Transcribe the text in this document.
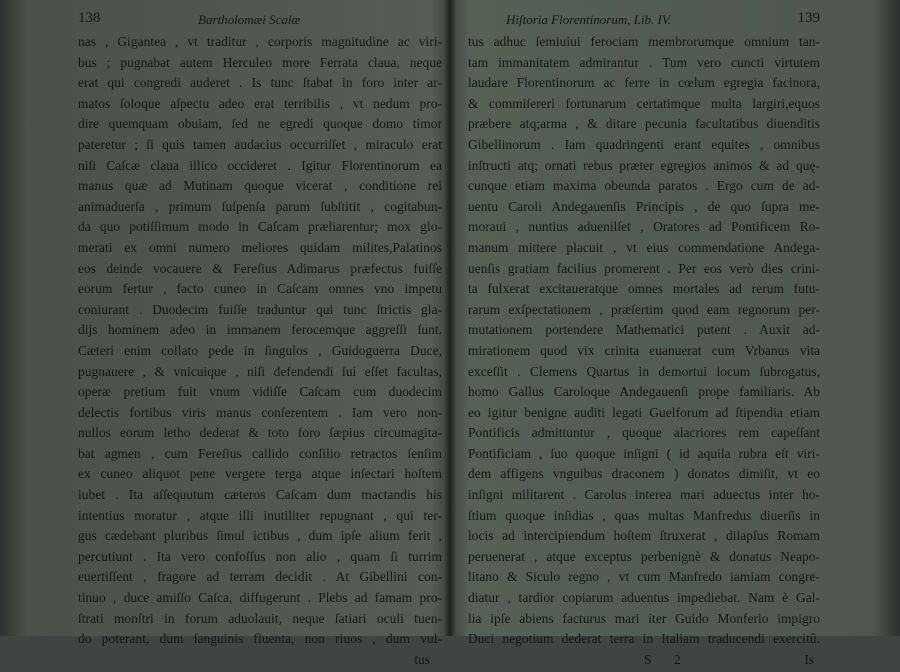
138	Bartholomæi Scalæ
nas , Gigantea , vt traditur , corporis magnitudine ac viri-
bus ; pugnabat autem Herculeo more Ferrata claua, neque
erat qui congredi auderet . Is tunc ſtabat in foro inter ar-
matos ſoloque aſpectu adeo erat terribilis , vt nedum pro-
dire quemquam obuiam, ſed ne egredi quoque domo timor
pateretur ; ſi quis tamen audacius occurriſſet , miraculo erat
niſi Caſcæ claua illico occideret . Igitur Florentinorum ea
manus quæ ad Mutinam quoque vicerat , conditione rei
animaduerſa , primum ſuſpenſa parum ſubſtitit , cogitabun-
da quo potiſſimum modo in Caſcam præliarentur; mox glo-
merati ex omni numero meliores quidam milites,Palatinos
eos deinde vocauere & Fereſius Adimarus præfectus fuiſſe
eorum fertur , facto cuneo in Caſcam omnes vno impetu
coniurant . Duodecim fuiſſe traduntur qui tunc ſtrictis gla-
dijs hominem adeo in immanem ferocemque aggreſſi ſunt.
Cæteri enim collato pede in ſingulos , Guidoguerra Duce,
pugnauere , & vnicuique , niſi defendendi ſui eſſet facultas,
operæ pretium fuit vnum vidiſſe Caſcam cum duodecim
delectis fortibus viris manus conſerentem . Iam vero non-
nullos eorum letho dederat & toto foro ſæpius circumagita-
bat agmen , cum Fereſius callido conſilio retractos ſenſim
ex cuneo aliquot pene vergere terga atque inſectari hoſtem
iubet . Ita aſſequutum cæteros Caſcam dum mactandis his
intentius moratur , atque illi inutiliter repugnant , qui ter-
gus cædebant pluribus ſimul ictibus , dum ipſe alium ferit ,
percutiunt . Ita vero confoſſus non alio , quam ſi turrim
euertiſſent , fragore ad terram decidit . At Gibellini con-
tinuo , duce amiſſo Caſca, diffugerunt . Plebs ad famam pro-
ſtrati monſtri in forum aduolauit, neque ſatiari oculi tuen-
do poterant, dum ſanguinis fluenta, non riuos , dum vul-
tus
Hiſtoria Florentinorum, Lib. IV.	139
tus adhuc ſemiuiui ferociam membrorumque omnium tan-
tam immanitatem admirantur . Tum vero cuncti virtutem
laudare Florentinorum ac ferre in cœlum egregia facinora,
& commiſereri fortunarum certatimque multa largiri,equos
præbere atq;arma , & ditare pecunia facultatibus diuenditis
Gibellinorum . Iam quadringenti erant equites , omnibus
inſtructi atq; ornati rebus præter egregios animos & ad quę-
cunque etiam maxima obeunda paratos . Ergo cum de ad-
uentu Caroli Andegauenſis Principis , de quo ſupra me-
moraui , nuntius aduenilſet , Oratores ad Pontificem Ro-
manum mittere placuit , vt eius commendatione Andega-
uenſis gratiam facilius promerent . Per eos verò dies crini-
ta fulxerat excitaueratque omnes mortales ad rerum futu-
rarum exſpectationem , præſertim quod eam regnorum per-
mutationem portendere Mathematici putent . Auxit ad-
mirationem quod vix crinita euanuerat cum Vrbanus vita
exceſſit . Clemens Quartus in demortui locum ſubrogatus,
homo Gallus Caroloque Andegauenſi prope familiaris. Ab
eo igitur benigne auditi legati Guelforum ad ſtipendia etiam
Pontificis admittuntur , quoque alacriores rem capeſſant
Pontificiam , ſuo quoque inſigni ( id aquila rubra eſt viri-
dem affigens vnguibus draconem ) donatos dimiſit, vt eo
inſigni militarent . Carolus interea mari aduectus inter ho-
ſtium quoque inſidias , quas multas Manfredus diuerſis in
locis ad intercipiendum hoſtem ſtruxerat , dilapſus Romam
peruenerat , atque exceptus perbenignè & donatus Neapo-
litano & Siculo regno , vt cum Manfredo iamiam congre-
diatur , tardior copiarum aduentus impediebat. Nam è Gal-
lia ipſe abiens facturus mari iter Guido Monferio impigro
Duci negotium dederat terra in Italiam traducendi exercitû.
S 2	Is
